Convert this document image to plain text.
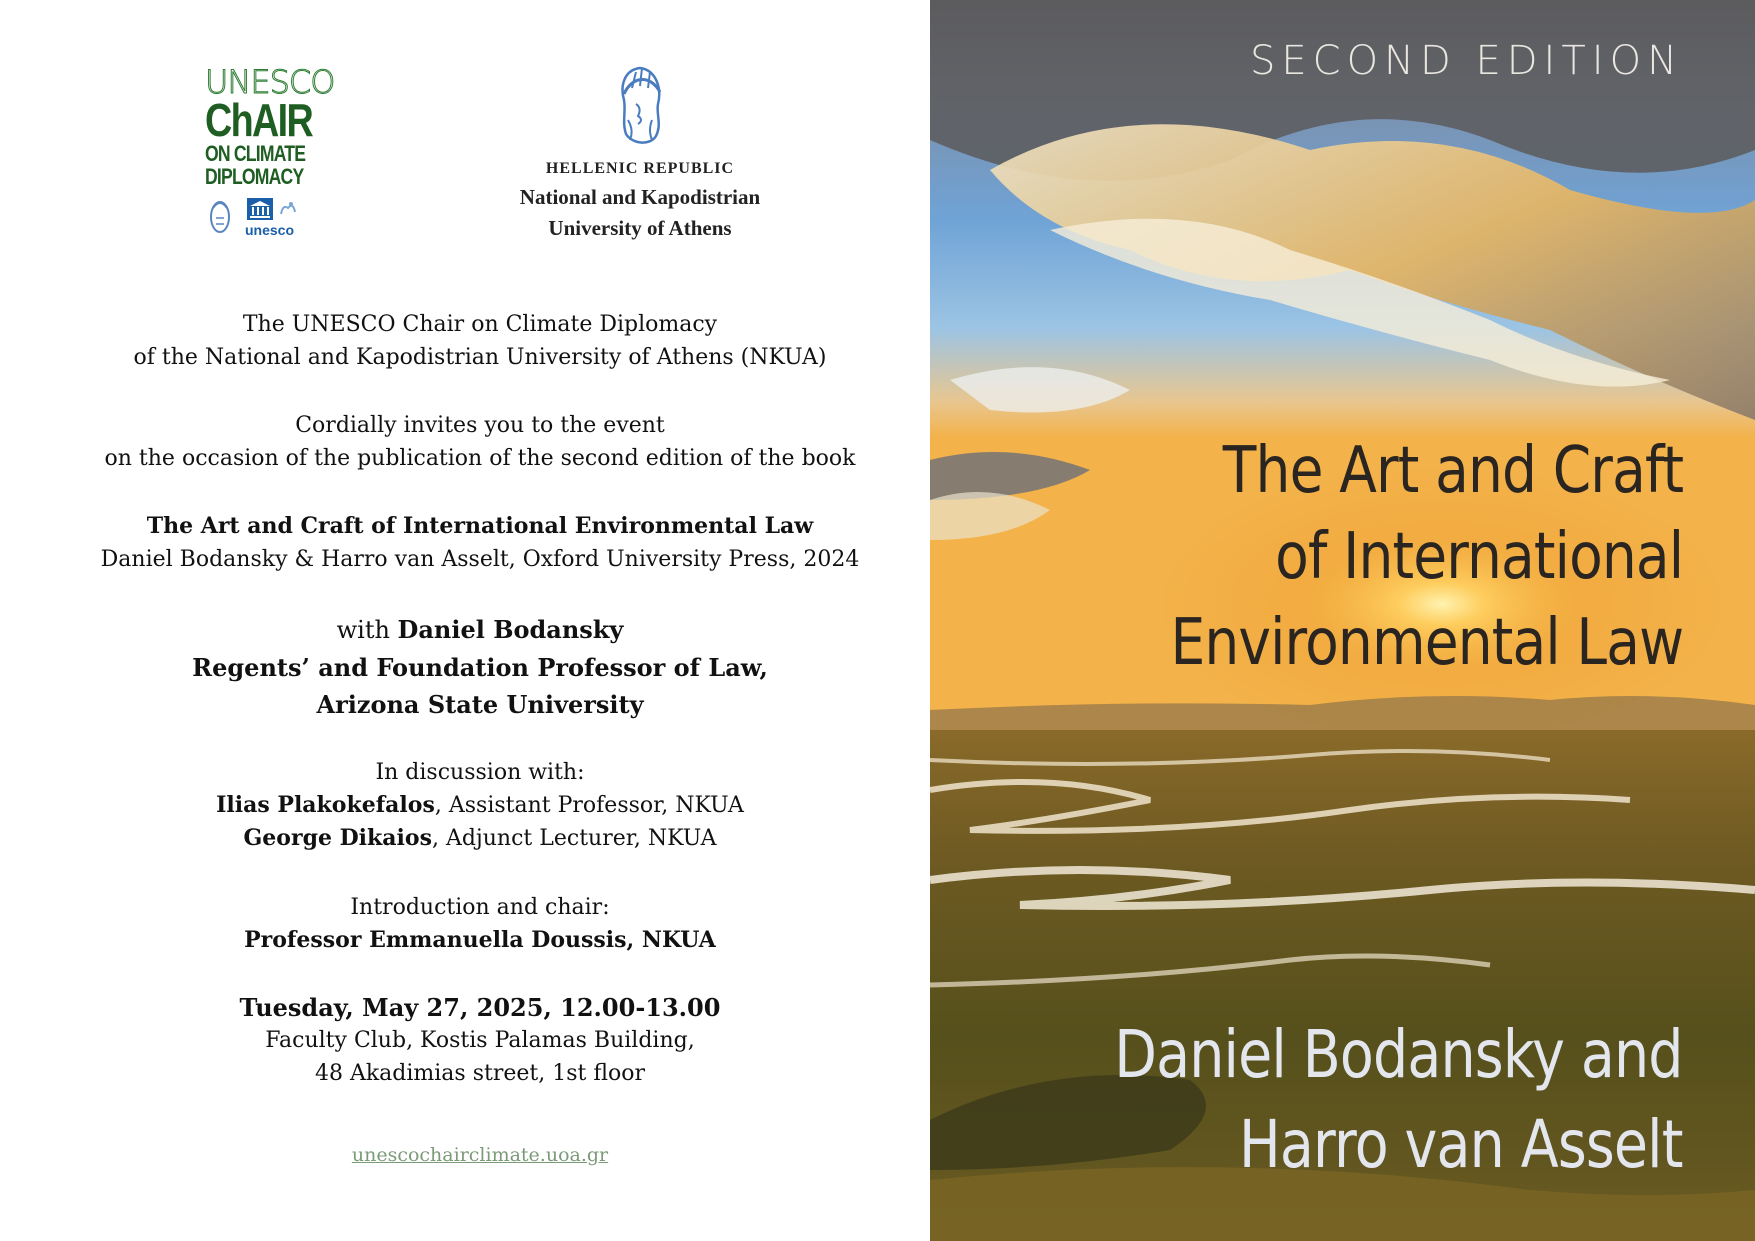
UNESCO
ChAIR
ON CLIMATE
DIPLOMACY
unesco
HELLENIC REPUBLIC
National and Kapodistrian
University of Athens
The UNESCO Chair on Climate Diplomacy
of the National and Kapodistrian University of Athens (NKUA)
Cordially invites you to the event
on the occasion of the publication of the second edition of the book
The Art and Craft of International Environmental Law
Daniel Bodansky & Harro van Asselt, Oxford University Press, 2024
with Daniel Bodansky
Regents’ and Foundation Professor of Law,
Arizona State University
In discussion with:
Ilias Plakokefalos, Assistant Professor, NKUA
George Dikaios, Adjunct Lecturer, NKUA
Introduction and chair:
Professor Emmanuella Doussis, NKUA
Tuesday, May 27, 2025, 12.00-13.00
Faculty Club, Kostis Palamas Building,
48 Akadimias street, 1st floor
unescochairclimate.uoa.gr
SECOND EDITION
The Art and Craft
of International
Environmental Law
Daniel Bodansky and
Harro van Asselt
